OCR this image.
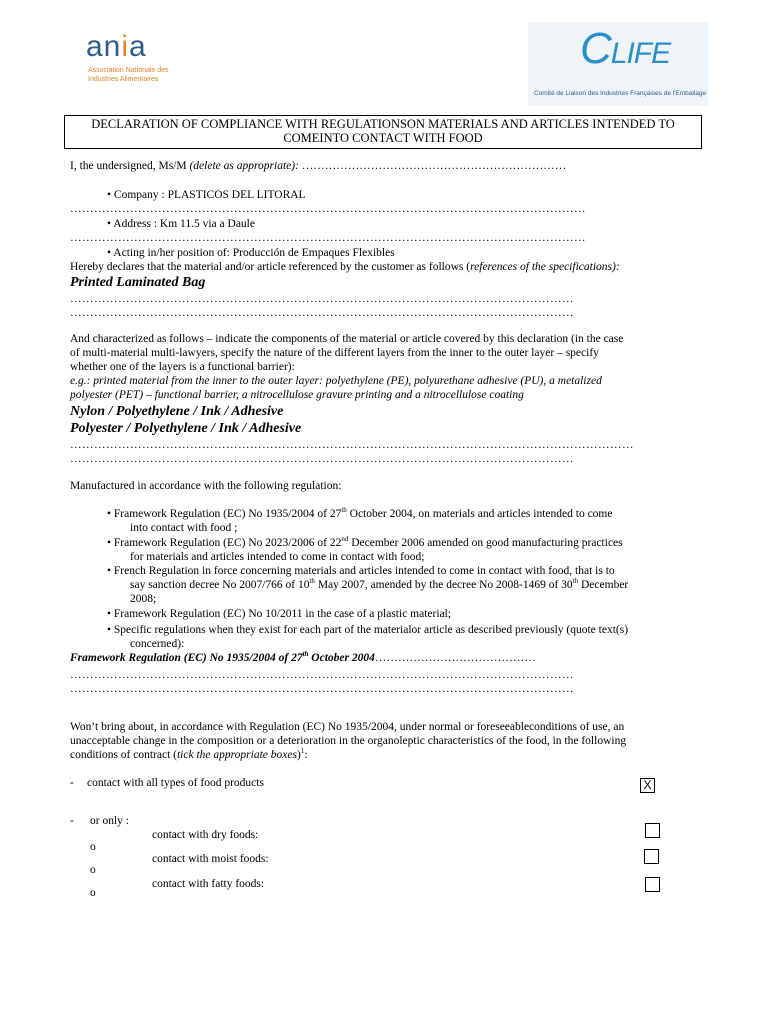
ania
Association Nationale des
Industries Alimentaires
CLIFE
Comité de Liaison des Industries Françaises de l'Emballage
DECLARATION OF COMPLIANCE WITH REGULATIONSON MATERIALS AND ARTICLES INTENDED TO COMEINTO CONTACT WITH FOOD
I, the undersigned, Ms/M (delete as appropriate): ……………………………………………………………
• Company : PLASTICOS DEL LITORAL
…………………………………………………………………………………………………………………
• Address : Km 11.5 via a Daule
…………………………………………………………………………………………………………………
• Acting in/her position of: Producción de Empaques Flexibles
Hereby declares that the material and/or article referenced by the customer as follows (references of the specifications):
Printed Laminated Bag
………………………………………………………………………………………………………………
………………………………………………………………………………………………………………
And characterized as follows – indicate the components of the material or article covered by this declaration (in the case
of multi-material multi-lawyers, specify the nature of the different layers from the inner to the outer layer – specify
whether one of the layers is a functional barrier):
e.g.: printed material from the inner to the outer layer: polyethylene (PE), polyurethane adhesive (PU), a metalized
polyester (PET) – functional barrier, a nitrocellulose gravure printing and a nitrocellulose coating
Nylon / Polyethylene / Ink / Adhesive
Polyester / Polyethylene / Ink / Adhesive
……………………………………………………………………………………………………………………………
………………………………………………………………………………………………………………
Manufactured in accordance with the following regulation:
• Framework Regulation (EC) No 1935/2004 of 27th October 2004, on materials and articles intended to come
into contact with food ;
• Framework Regulation (EC) No 2023/2006 of 22nd December 2006 amended on good manufacturing practices
for materials and articles intended to come in contact with food;
• French Regulation in force concerning materials and articles intended to come in contact with food, that is to
say sanction decree No 2007/766 of 10th May 2007, amended by the decree No 2008-1469 of 30th December
2008;
• Framework Regulation (EC) No 10/2011 in the case of a plastic material;
• Specific regulations when they exist for each part of the materialor article as described previously (quote text(s)
concerned):
Framework Regulation (EC) No 1935/2004 of 27th October 2004……………………………………
………………………………………………………………………………………………………………
………………………………………………………………………………………………………………
Won’t bring about, in accordance with Regulation (EC) No 1935/2004, under normal or foreseeableconditions of use, an
unacceptable change in the composition or a deterioration in the organoleptic characteristics of the food, in the following
conditions of contract (tick the appropriate boxes)$^1$:
- contact with all types of food products	X
- or only :
contact with dry foods:
o
contact with moist foods:
o
contact with fatty foods:
o
